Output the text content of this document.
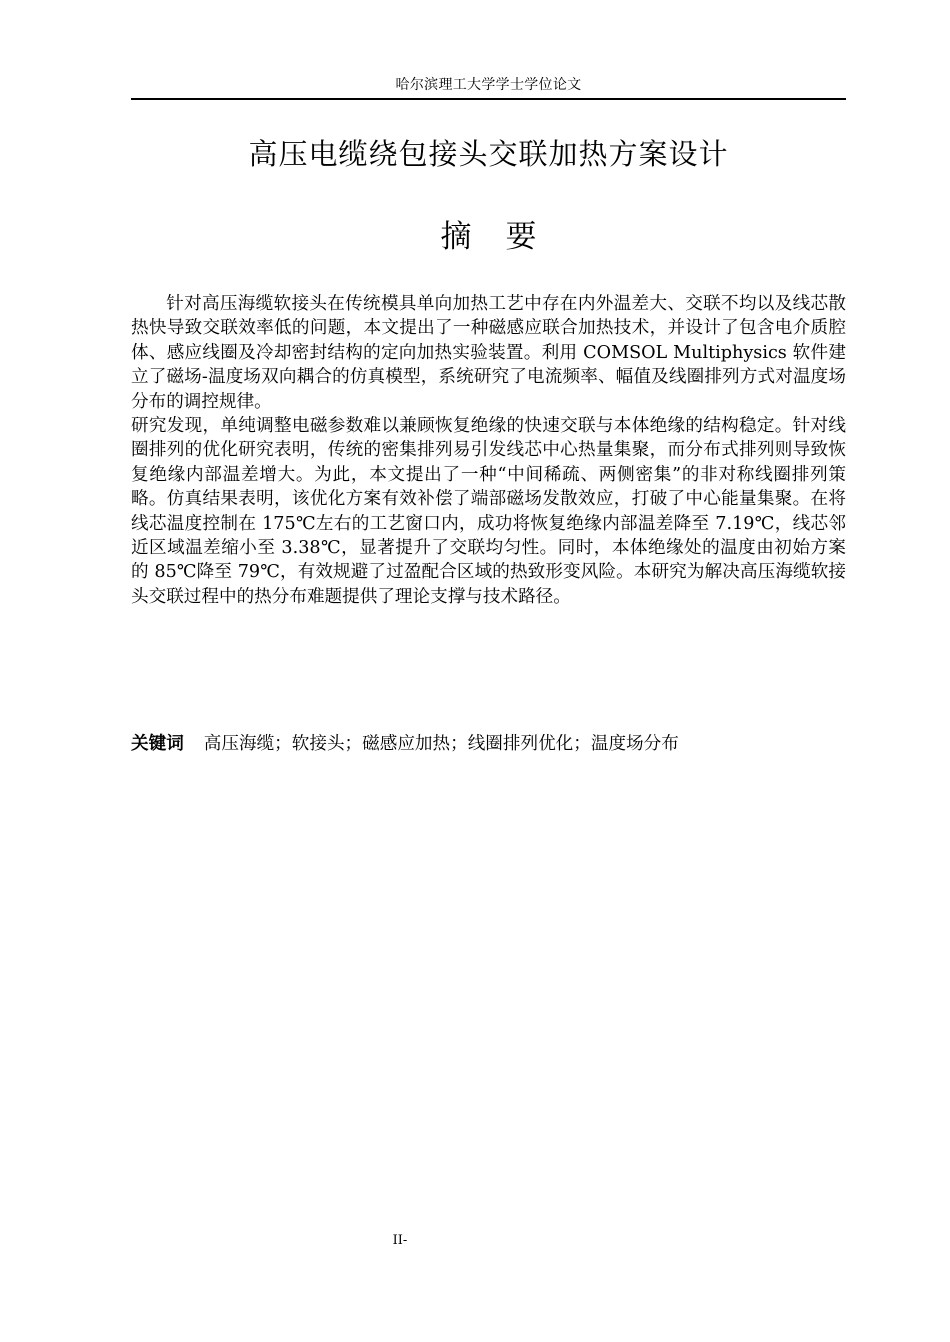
哈尔滨理工大学学士学位论文
高压电缆绕包接头交联加热方案设计
摘要

针对高压海缆软接头在传统模具单向加热工艺中存在内外温差大、交联不均以及线芯散热快导致交联效率低的问题，本文提出了一种磁感应联合加热技术，并设计了包含电介质腔体、感应线圈及冷却密封结构的定向加热实验装置。利用 COMSOL Multiphysics 软件建立了磁场-温度场双向耦合的仿真模型，系统研究了电流频率、幅值及线圈排列方式对温度场分布的调控规律。

研究发现，单纯调整电磁参数难以兼顾恢复绝缘的快速交联与本体绝缘的结构稳定。针对线圈排列的优化研究表明，传统的密集排列易引发线芯中心热量集聚，而分布式排列则导致恢复绝缘内部温差增大。为此，本文提出了一种“中间稀疏、两侧密集”的非对称线圈排列策略。仿真结果表明，该优化方案有效补偿了端部磁场发散效应，打破了中心能量集聚。在将线芯温度控制在 175℃左右的工艺窗口内，成功将恢复绝缘内部温差降至 7.19℃，线芯邻近区域温差缩小至 3.38℃，显著提升了交联均匀性。同时，本体绝缘处的温度由初始方案的 85℃降至 79℃，有效规避了过盈配合区域的热致形变风险。本研究为解决高压海缆软接头交联过程中的热分布难题提供了理论支撑与技术路径。

关键词 高压海缆；软接头；磁感应加热；线圈排列优化；温度场分布
II-
